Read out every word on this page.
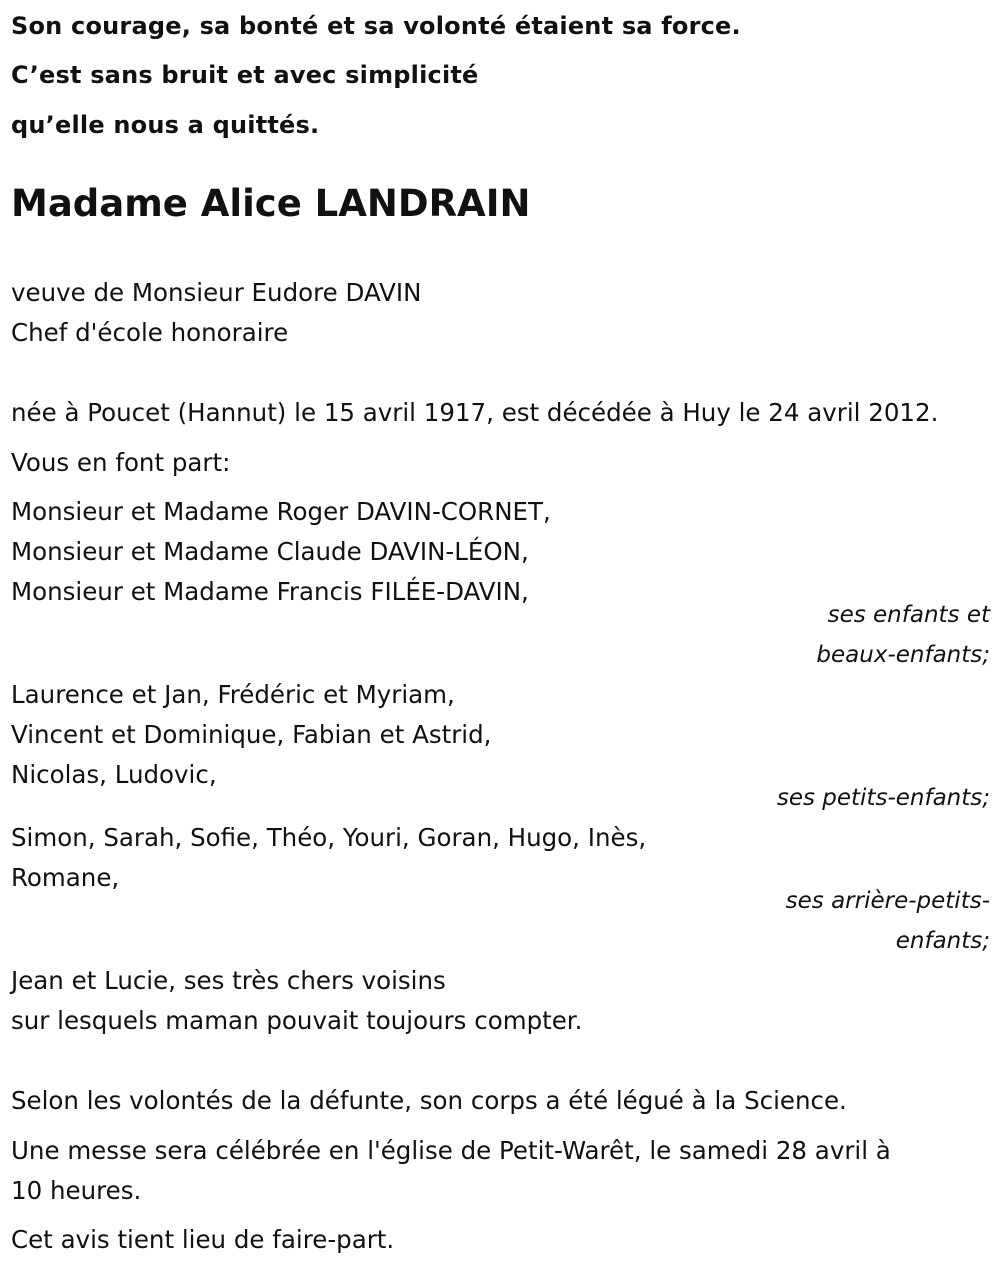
Son courage, sa bonté et sa volonté étaient sa force.
C’est sans bruit et avec simplicité
qu’elle nous a quittés.
Madame Alice LANDRAIN
veuve de Monsieur Eudore DAVIN
Chef d'école honoraire
née à Poucet (Hannut) le 15 avril 1917, est décédée à Huy le 24 avril 2012.
Vous en font part:
Monsieur et Madame Roger DAVIN-CORNET,
Monsieur et Madame Claude DAVIN-LÉON,
Monsieur et Madame Francis FILÉE-DAVIN,
ses enfants et
beaux-enfants;
Laurence et Jan, Frédéric et Myriam,
Vincent et Dominique, Fabian et Astrid,
Nicolas, Ludovic,
ses petits-enfants;
Simon, Sarah, Sofie, Théo, Youri, Goran, Hugo, Inès,
Romane,
ses arrière-petits-
enfants;
Jean et Lucie, ses très chers voisins
sur lesquels maman pouvait toujours compter.
Selon les volontés de la défunte, son corps a été légué à la Science.
Une messe sera célébrée en l'église de Petit-Warêt, le samedi 28 avril à
10 heures.
Cet avis tient lieu de faire-part.
